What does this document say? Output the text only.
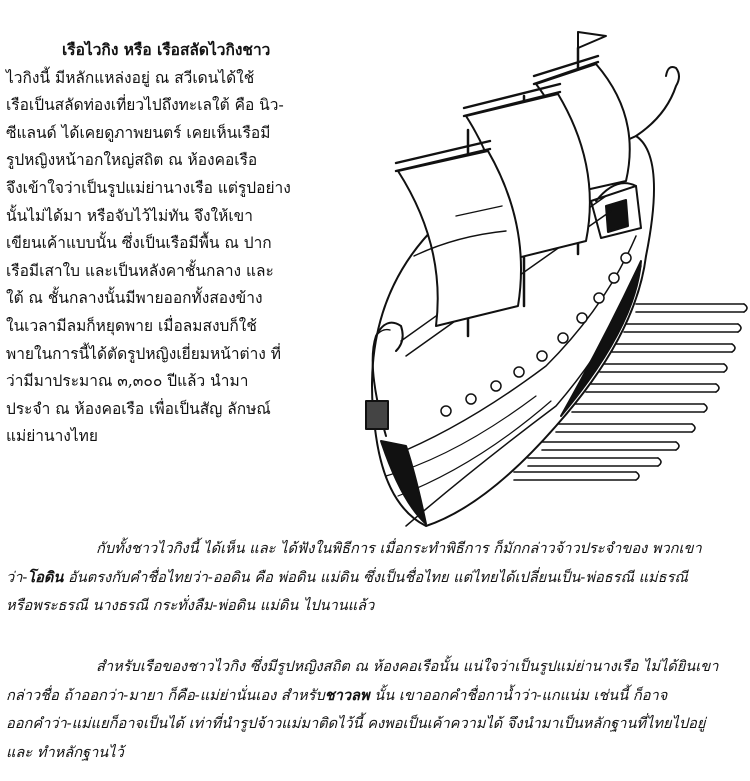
เรือไวกิง หรือ เรือสลัดไวกิงชาว
ไวกิงนี้ มีหลักแหล่งอยู่ ณ สวีเดนได้ใช้
เรือเป็นสลัดท่องเที่ยวไปถึงทะเลใต้ คือ นิว-
ซีแลนด์ ได้เคยดูภาพยนตร์ เคยเห็นเรือมี
รูปหญิงหน้าอกใหญ่สถิต ณ ห้องคอเรือ
จึงเข้าใจว่าเป็นรูปแม่ย่านางเรือ แต่รูปอย่าง
นั้นไม่ได้มา หรือจับไว้ไม่ทัน จึงให้เขา
เขียนเค้าแบบนั้น ซึ่งเป็นเรือมีพื้น ณ ปาก
เรือมีเสาใบ และเป็นหลังคาชั้นกลาง และ
ใต้ ณ ชั้นกลางนั้นมีพายออกทั้งสองข้าง
ในเวลามีลมก็หยุดพาย เมื่อลมสงบก็ใช้
พายในการนี้ได้ตัดรูปหญิงเยี่ยมหน้าต่าง ที่
ว่ามีมาประมาณ ๓,๓๐๐ ปีแล้ว นำมา
ประจำ ณ ห้องคอเรือ เพื่อเป็นสัญ ลักษณ์
แม่ย่านางไทย
กับทั้งชาวไวกิงนี้ ได้เห็น และ ได้ฟังในพิธีการ เมื่อกระทำพิธีการ ก็มักกล่าวจ้าวประจำของ พวกเขา
ว่า-โอดิน อันตรงกับคำชื่อไทยว่า-ออดิน คือ พ่อดิน แม่ดิน ซึ่งเป็นชื่อไทย แต่ไทยได้เปลี่ยนเป็น-พ่อธรณี แม่ธรณี
หรือพระธรณี นางธรณี กระทั่งลืม-พ่อดิน แม่ดิน ไปนานแล้ว
สำหรับเรือของชาวไวกิง ซึ่งมีรูปหญิงสถิต ณ ห้องคอเรือนั้น แน่ใจว่าเป็นรูปแม่ย่านางเรือ ไม่ได้ยินเขา
กล่าวชื่อ ถ้าออกว่า-มายา ก็คือ-แม่ย่านั่นเอง สำหรับชาวลพ นั้น เขาออกคำชื่อกาน้ำว่า-แกแน่ม เช่นนี้ ก็อาจ
ออกคำว่า-แม่แยก็อาจเป็นได้ เท่าที่นำรูปจ้าวแม่มาติดไว้นี้ คงพอเป็นเค้าความได้ จึงนำมาเป็นหลักฐานที่ไทยไปอยู่
และ ทำหลักฐานไว้
